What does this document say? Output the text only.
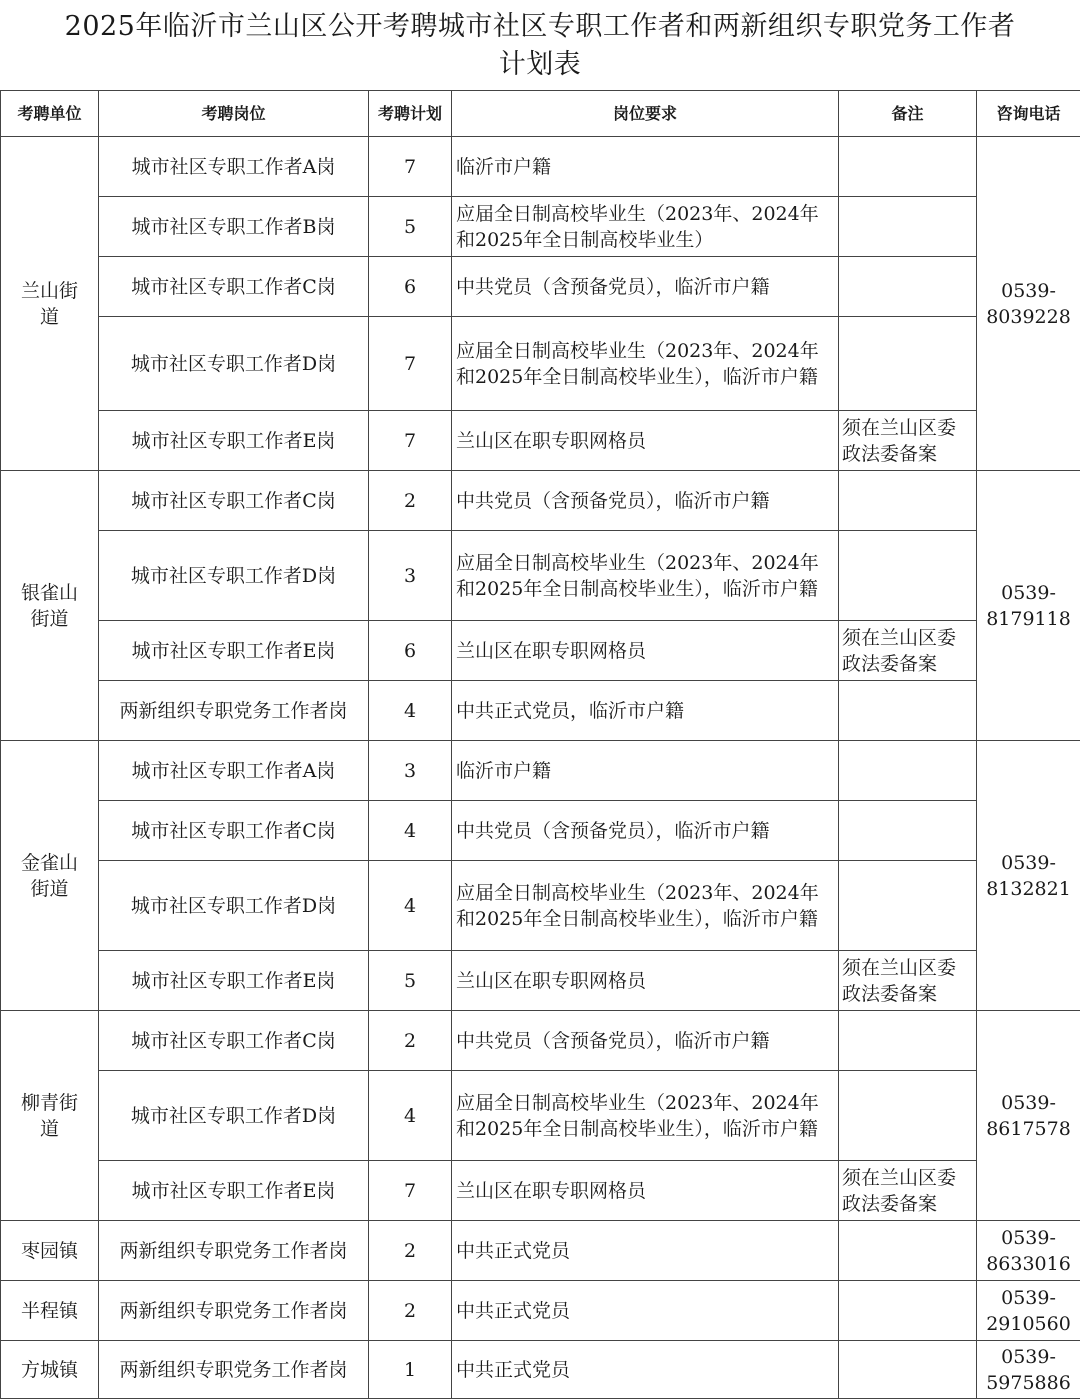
2025年临沂市兰山区公开考聘城市社区专职工作者和两新组织专职党务工作者
计划表
考聘单位	考聘岗位	考聘计划	岗位要求	备注	咨询电话
兰山街道	城市社区专职工作者A岗	7	临沂市户籍		0539-8039228
	城市社区专职工作者B岗	5	应届全日制高校毕业生（2023年、2024年和2025年全日制高校毕业生）		
	城市社区专职工作者C岗	6	中共党员（含预备党员），临沂市户籍		
	城市社区专职工作者D岗	7	应届全日制高校毕业生（2023年、2024年和2025年全日制高校毕业生），临沂市户籍		
	城市社区专职工作者E岗	7	兰山区在职专职网格员	须在兰山区委政法委备案	
银雀山街道	城市社区专职工作者C岗	2	中共党员（含预备党员），临沂市户籍		0539-8179118
	城市社区专职工作者D岗	3	应届全日制高校毕业生（2023年、2024年和2025年全日制高校毕业生），临沂市户籍		
	城市社区专职工作者E岗	6	兰山区在职专职网格员	须在兰山区委政法委备案	
	两新组织专职党务工作者岗	4	中共正式党员，临沂市户籍		
金雀山街道	城市社区专职工作者A岗	3	临沂市户籍		0539-8132821
	城市社区专职工作者C岗	4	中共党员（含预备党员），临沂市户籍		
	城市社区专职工作者D岗	4	应届全日制高校毕业生（2023年、2024年和2025年全日制高校毕业生），临沂市户籍		
	城市社区专职工作者E岗	5	兰山区在职专职网格员	须在兰山区委政法委备案	
柳青街道	城市社区专职工作者C岗	2	中共党员（含预备党员），临沂市户籍		0539-8617578
	城市社区专职工作者D岗	4	应届全日制高校毕业生（2023年、2024年和2025年全日制高校毕业生），临沂市户籍		
	城市社区专职工作者E岗	7	兰山区在职专职网格员	须在兰山区委政法委备案	
枣园镇	两新组织专职党务工作者岗	2	中共正式党员		0539-8633016
半程镇	两新组织专职党务工作者岗	2	中共正式党员		0539-2910560
方城镇	两新组织专职党务工作者岗	1	中共正式党员		0539-5975886
